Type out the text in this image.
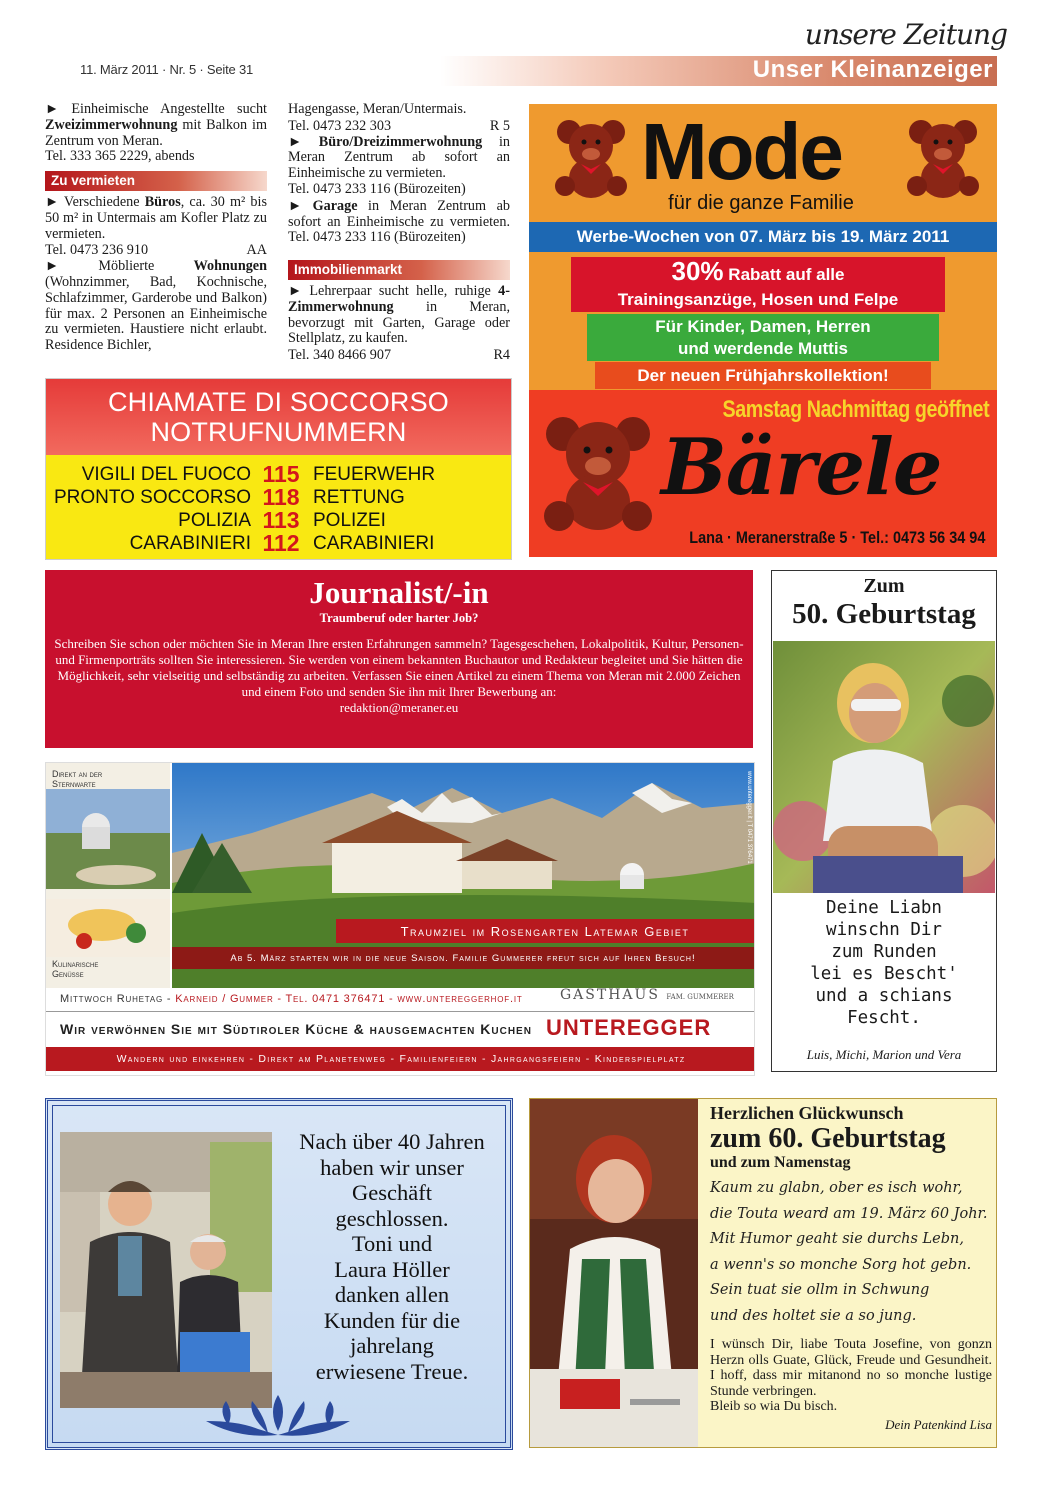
11. März 2011 · Nr. 5 · Seite 31
unsere Zeitung
Unser Kleinanzeiger

► Einheimische Angestellte sucht Zweizimmerwohnung mit Balkon im Zentrum von Meran.
Tel. 333 365 2229, abends

Zu vermieten

► Verschiedene Büros, ca. 30 m² bis 50 m² in Untermais am Kofler Platz zu vermieten.

Tel. 0473 236 910	AA

► Möblierte Wohnungen (Wohnzimmer, Bad, Kochnische, Schlafzimmer, Garderobe und Balkon) für max. 2 Personen an Einheimische zu vermieten. Haustiere nicht erlaubt. Residence Bichler,

Hagengasse, Meran/Untermais.

Tel. 0473 232 303	R 5

► Büro/Dreizimmerwohnung in Meran Zentrum ab sofort an Einheimische zu vermieten.
Tel. 0473 233 116 (Bürozeiten)

► Garage in Meran Zentrum ab sofort an Einheimische zu vermieten. Tel. 0473 233 116 (Bürozeiten)

Immobilienmarkt

► Lehrerpaar sucht helle, ruhige 4-Zimmerwohnung in Meran, bevorzugt mit Garten, Garage oder Stellplatz, zu kaufen.

Tel. 340 8466 907	R4
CHIAMATE DI SOCCORSO
NOTRUFNUMMERN
VIGILI DEL FUOCO 115 FEUERWEHR
PRONTO SOCCORSO 118 RETTUNG
POLIZIA 113 POLIZEI
CARABINIERI 112 CARABINIERI
Mode
für die ganze Familie
Werbe-Wochen von 07. März bis 19. März 2011
30% Rabatt auf alle
Trainingsanzüge, Hosen und Felpe
Für Kinder, Damen, Herren
und werdende Muttis
Der neuen Frühjahrskollektion!
Samstag Nachmittag geöffnet
Bärele
Lana · Meranerstraße 5 · Tel.: 0473 56 34 94
Journalist/-in
Traumberuf oder harter Job?
Schreiben Sie schon oder möchten Sie in Meran Ihre ersten Erfahrungen sammeln? Tagesgeschehen, Lokalpolitik, Kultur, Personen- und Firmenporträts sollten Sie interessieren. Sie werden von einem bekannten Buchautor und Redakteur begleitet und Sie hätten die Möglichkeit, sehr vielseitig und selbständig zu arbeiten. Verfassen Sie einen Artikel zu einem Thema von Meran mit 2.000 Zeichen und einem Foto und senden Sie ihn mit Ihrer Bewerbung an:
redaktion@meraner.eu
Zum
50. Geburtstag
Deine Liabn
winschn Dir
zum Runden
lei es Bescht'
und a schians
Fescht.
Luis, Michi, Marion und Vera
Direkt an der Sternwarte
Kulinarische Genüsse
Traumziel im Rosengarten Latemar Gebiet
Ab 5. März starten wir in die neue Saison. Familie Gummerer freut sich auf Ihren Besuch!
www.unteregger.it | T 0471 376471
Mittwoch Ruhetag - Karneid / Gummer - Tel. 0471 376471 - www.untereggerhof.it	GASTHAUS FAM. GUMMERER
Wir verwöhnen Sie mit Südtiroler Küche & hausgemachten Kuchen UNTEREGGER
Wandern und einkehren - Direkt am Planetenweg - Familienfeiern - Jahrgangsfeiern - Kinderspielplatz
Nach über 40 Jahren
haben wir unser
Geschäft
geschlossen.
Toni und
Laura Höller
danken allen
Kunden für die
jahrelang
erwiesene Treue.
Herzlichen Glückwunsch
zum 60. Geburtstag
und zum Namenstag
Kaum zu glabn, ober es isch wohr,
die Touta weard am 19. März 60 Johr.
Mit Humor geaht sie durchs Lebn,
a wenn's so monche Sorg hot gebn.
Sein tuat sie ollm in Schwung
und des holtet sie a so jung.
I wünsch Dir, liabe Touta Josefine, von gonzn Herzn olls Guate, Glück, Freude und Gesundheit. I hoff, dass mir mitanond no so monche lustige Stunde verbringen.
Bleib so wia Du bisch.
Dein Patenkind Lisa
